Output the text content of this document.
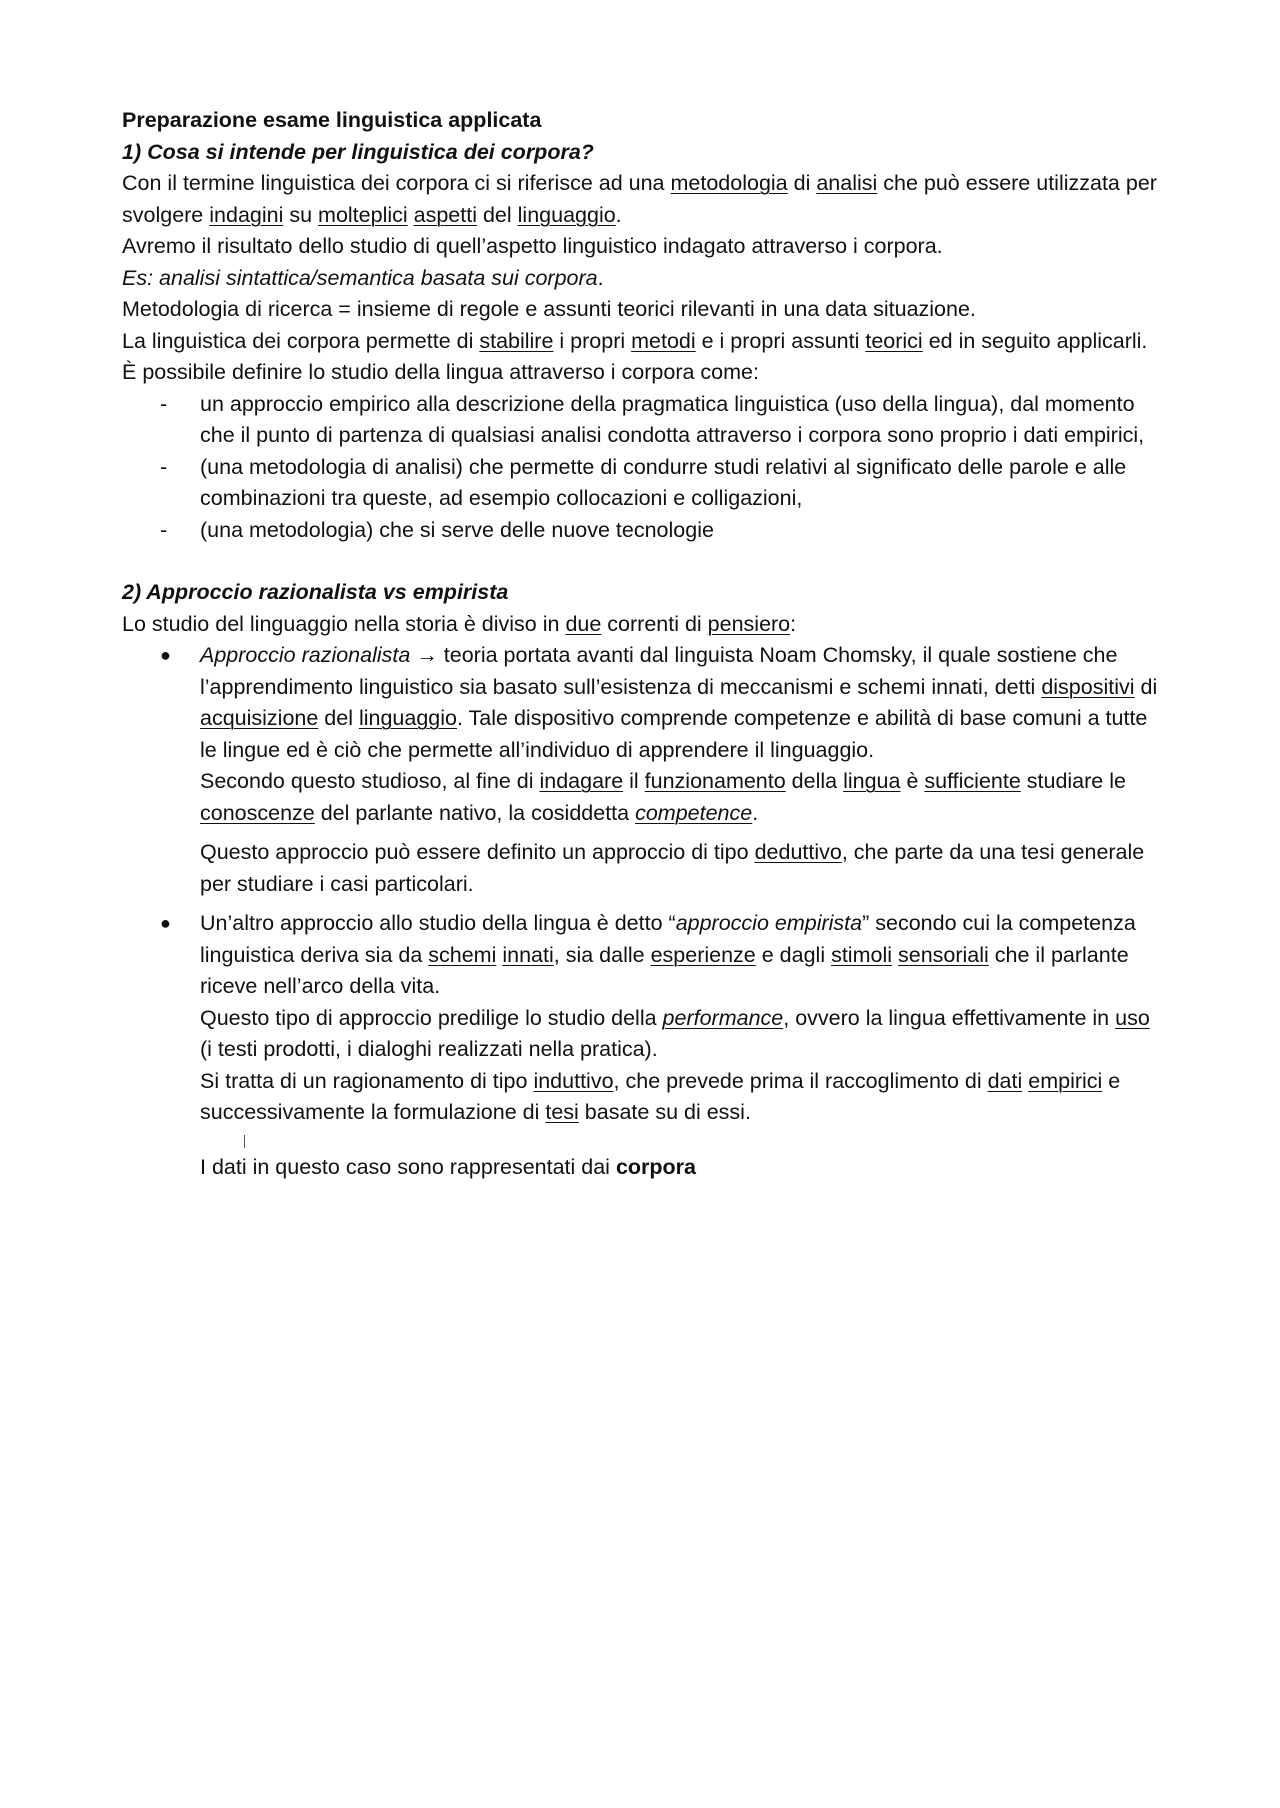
Preparazione esame linguistica applicata

1) Cosa si intende per linguistica dei corpora?

Con il termine linguistica dei corpora ci si riferisce ad una metodologia di analisi che può essere utilizzata per svolgere indagini su molteplici aspetti del linguaggio.

Avremo il risultato dello studio di quell’aspetto linguistico indagato attraverso i corpora.

Es: analisi sintattica/semantica basata sui corpora.

Metodologia di ricerca = insieme di regole e assunti teorici rilevanti in una data situazione.

La linguistica dei corpora permette di stabilire i propri metodi e i propri assunti teorici ed in seguito applicarli.

È possibile definire lo studio della lingua attraverso i corpora come:

- un approccio empirico alla descrizione della pragmatica linguistica (uso della lingua), dal momento che il punto di partenza di qualsiasi analisi condotta attraverso i corpora sono proprio i dati empirici,
- (una metodologia di analisi) che permette di condurre studi relativi al significato delle parole e alle combinazioni tra queste, ad esempio collocazioni e colligazioni,
- (una metodologia) che si serve delle nuove tecnologie

2) Approccio razionalista vs empirista

Lo studio del linguaggio nella storia è diviso in due correnti di pensiero:

● Approccio razionalista → teoria portata avanti dal linguista Noam Chomsky, il quale sostiene che l’apprendimento linguistico sia basato sull’esistenza di meccanismi e schemi innati, detti dispositivi di acquisizione del linguaggio. Tale dispositivo comprende competenze e abilità di base comuni a tutte le lingue ed è ciò che permette all’individuo di apprendere il linguaggio.

Secondo questo studioso, al fine di indagare il funzionamento della lingua è sufficiente studiare le conoscenze del parlante nativo, la cosiddetta competence.

Questo approccio può essere definito un approccio di tipo deduttivo, che parte da una tesi generale per studiare i casi particolari.

● Un’altro approccio allo studio della lingua è detto “approccio empirista” secondo cui la competenza linguistica deriva sia da schemi innati, sia dalle esperienze e dagli stimoli sensoriali che il parlante riceve nell’arco della vita.

Questo tipo di approccio predilige lo studio della performance, ovvero la lingua effettivamente in uso (i testi prodotti, i dialoghi realizzati nella pratica).

Si tratta di un ragionamento di tipo induttivo, che prevede prima il raccoglimento di dati empirici e successivamente la formulazione di tesi basate su di essi.

I dati in questo caso sono rappresentati dai corpora
